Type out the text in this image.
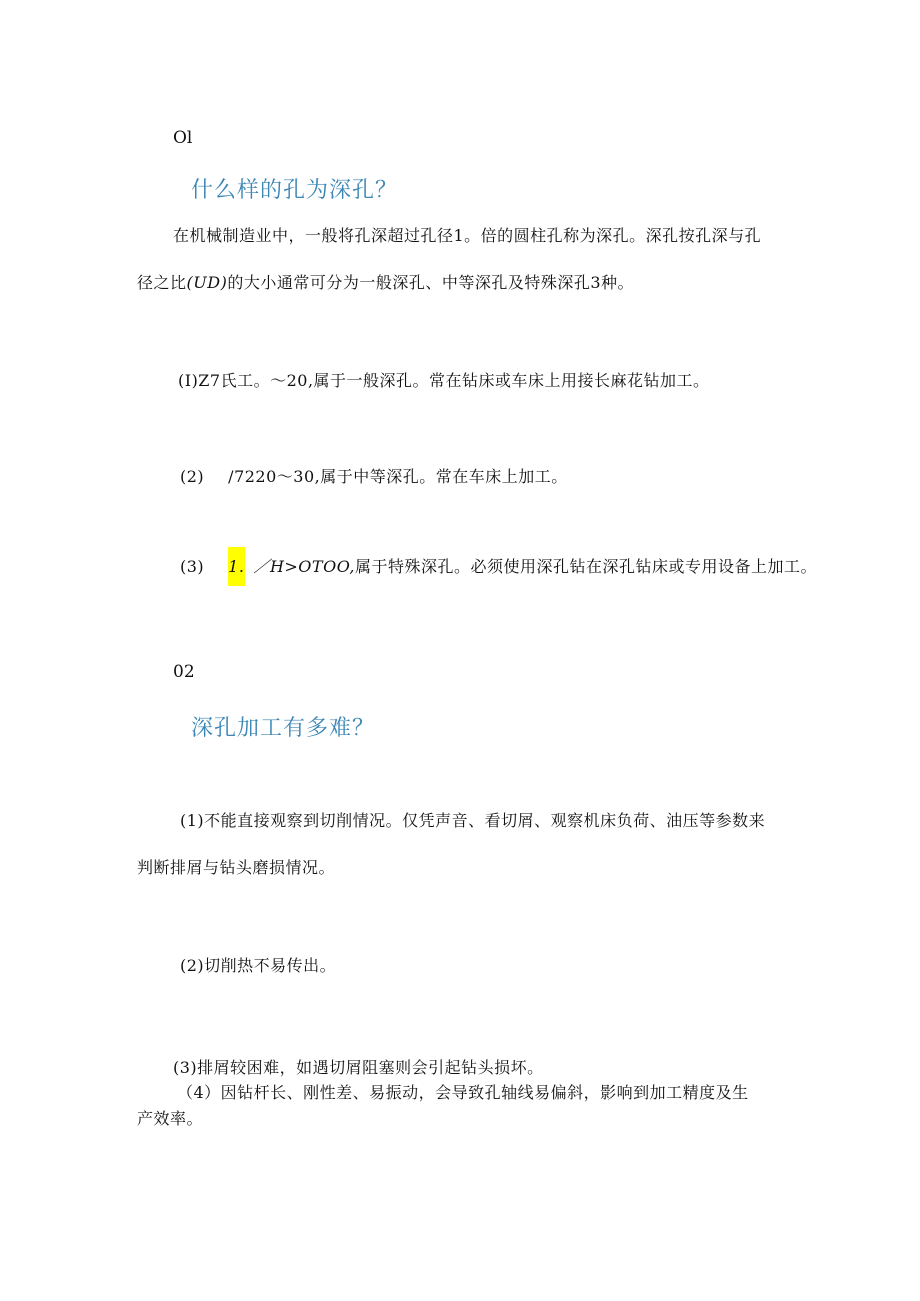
Ol
什么样的孔为深孔？
在机械制造业中，一般将孔深超过孔径1。倍的圆柱孔称为深孔。深孔按孔深与孔
径之比(UD)的大小通常可分为一般深孔、中等深孔及特殊深孔3种。
(I)Z7氏工。～20,属于一般深孔。常在钻床或车床上用接长麻花钻加工。
(2) /7220～30,属于中等深孔。常在车床上加工。
(3) 1. ／H>OTOO,属于特殊深孔。必须使用深孔钻在深孔钻床或专用设备上加工。
02
深孔加工有多难？
(1)不能直接观察到切削情况。仅凭声音、看切屑、观察机床负荷、油压等参数来
判断排屑与钻头磨损情况。
(2)切削热不易传出。
(3)排屑较困难，如遇切屑阻塞则会引起钻头损坏。
（4）因钻杆长、刚性差、易振动，会导致孔轴线易偏斜，影响到加工精度及生
产效率。
